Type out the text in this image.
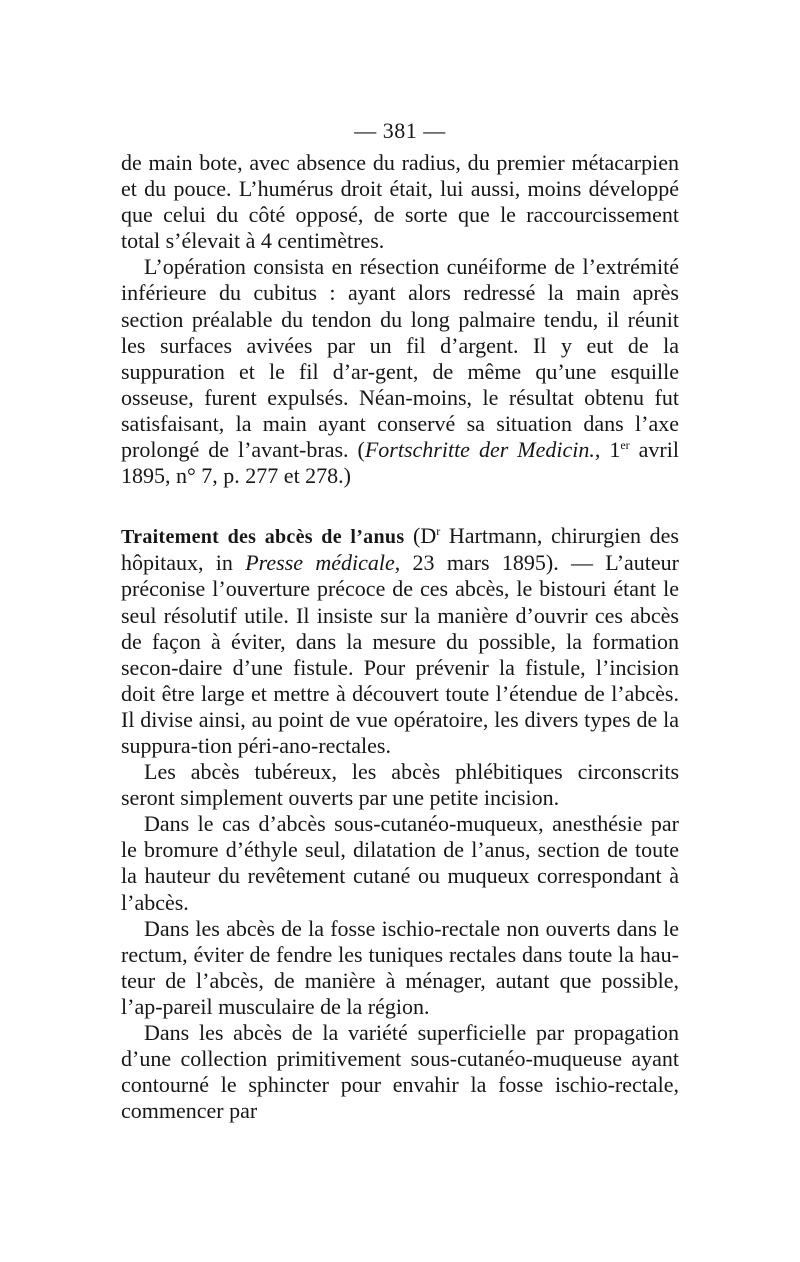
— 381 —

de main bote, avec absence du radius, du premier métacarpien et du pouce. L’humérus droit était, lui aussi, moins développé que celui du côté opposé, de sorte que le raccourcissement total s’élevait à 4 centimètres.

L’opération consista en résection cunéiforme de l’extrémité inférieure du cubitus : ayant alors redressé la main après section préalable du tendon du long palmaire tendu, il réunit les surfaces avivées par un fil d’argent. Il y eut de la suppuration et le fil d’ar-gent, de même qu’une esquille osseuse, furent expulsés. Néan-moins, le résultat obtenu fut satisfaisant, la main ayant conservé sa situation dans l’axe prolongé de l’avant-bras. (Fortschritte der Medicin., 1er avril 1895, n° 7, p. 277 et 278.)

Traitement des abcès de l’anus ($D^r$ Hartmann, chirurgien des hôpitaux, in Presse médicale, 23 mars 1895). — L’auteur préconise l’ouverture précoce de ces abcès, le bistouri étant le seul résolutif utile. Il insiste sur la manière d’ouvrir ces abcès de façon à éviter, dans la mesure du possible, la formation secon-daire d’une fistule. Pour prévenir la fistule, l’incision doit être large et mettre à découvert toute l’étendue de l’abcès. Il divise ainsi, au point de vue opératoire, les divers types de la suppura-tion péri-ano-rectales.

Les abcès tubéreux, les abcès phlébitiques circonscrits seront simplement ouverts par une petite incision.

Dans le cas d’abcès sous-cutanéo-muqueux, anesthésie par le bromure d’éthyle seul, dilatation de l’anus, section de toute la hauteur du revêtement cutané ou muqueux correspondant à l’abcès.

Dans les abcès de la fosse ischio-rectale non ouverts dans le rectum, éviter de fendre les tuniques rectales dans toute la hau-teur de l’abcès, de manière à ménager, autant que possible, l’ap-pareil musculaire de la région.

Dans les abcès de la variété superficielle par propagation d’une collection primitivement sous-cutanéo-muqueuse ayant contourné le sphincter pour envahir la fosse ischio-rectale, commencer par
